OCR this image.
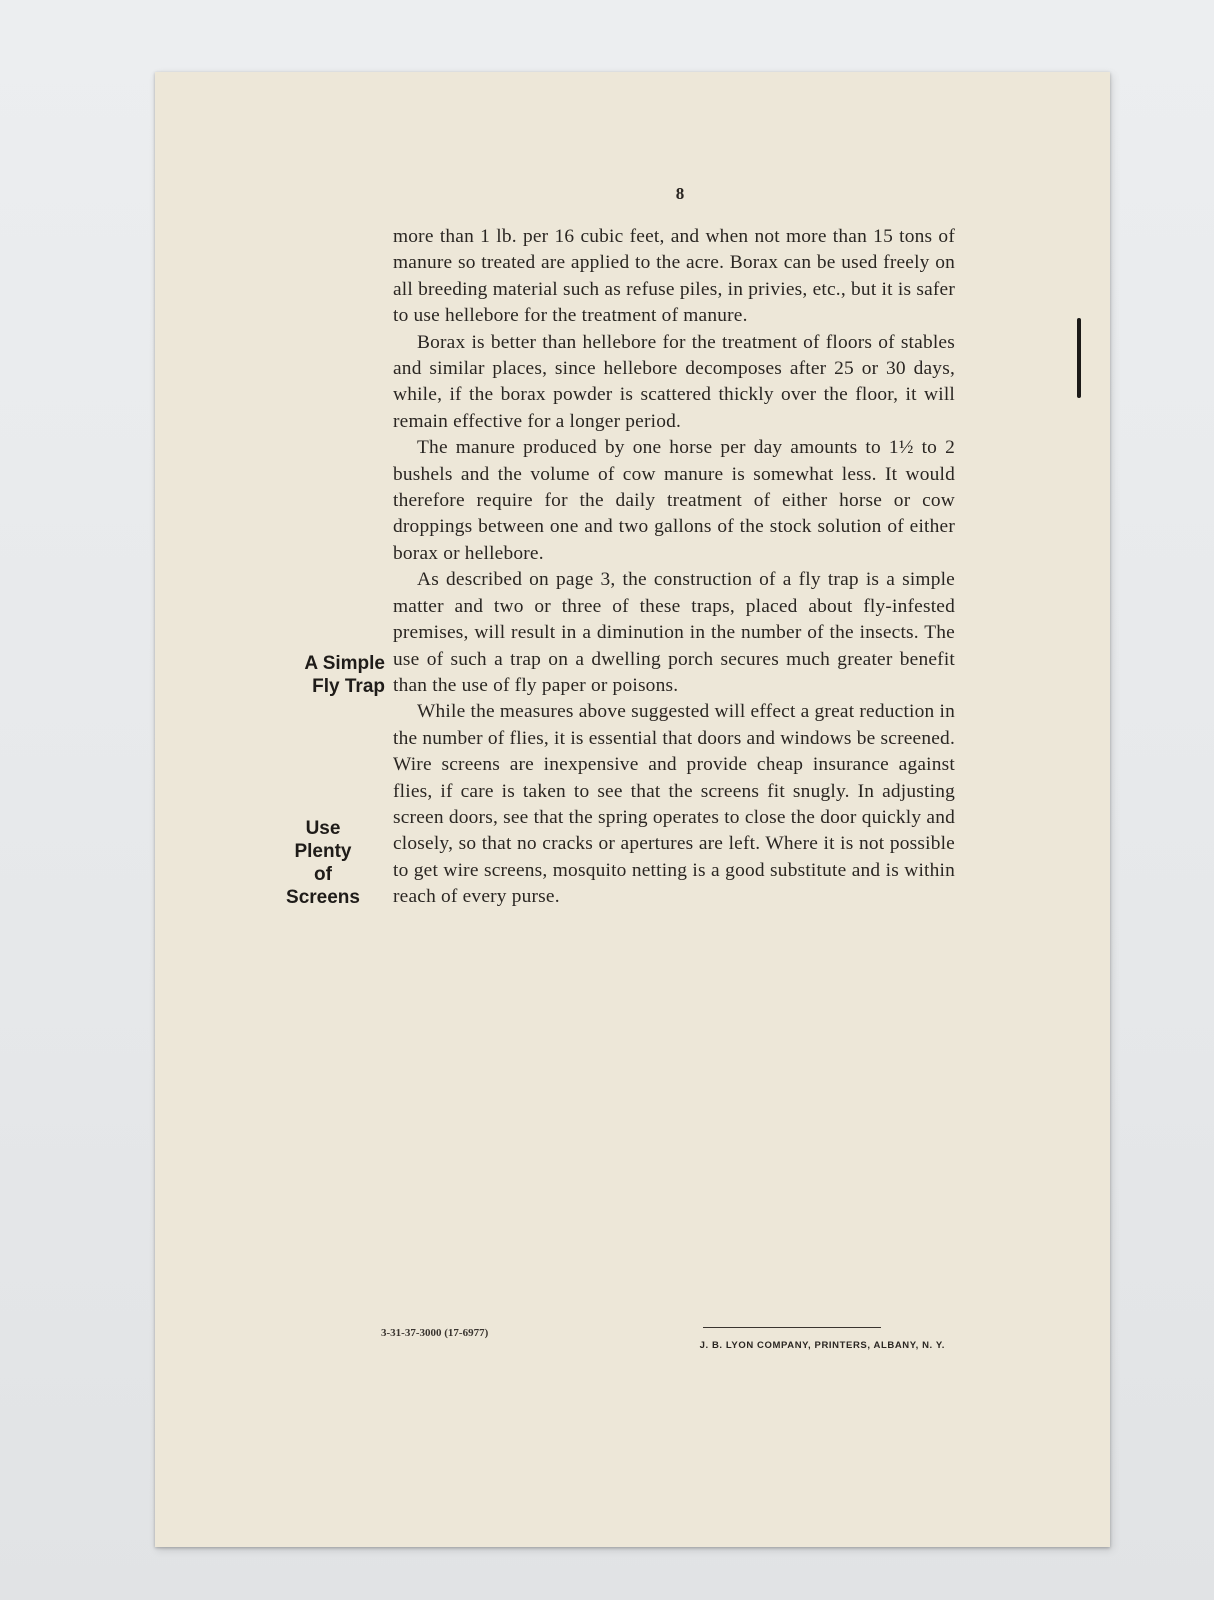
8

more than 1 lb. per 16 cubic feet, and when not more than 15 tons of manure so treated are applied to the acre. Borax can be used freely on all breeding material such as refuse piles, in privies, etc., but it is safer to use hellebore for the treatment of manure.

Borax is better than hellebore for the treatment of floors of stables and similar places, since hellebore decomposes after 25 or 30 days, while, if the borax powder is scattered thickly over the floor, it will remain effective for a longer period.

The manure produced by one horse per day amounts to 1½ to 2 bushels and the volume of cow manure is somewhat less. It would therefore require for the daily treatment of either horse or cow droppings between one and two gallons of the stock solution of either borax or hellebore.

As described on page 3, the construction of a fly trap is a simple matter and two or three of these traps, placed about fly-infested premises, will result in a diminution in the number of the insects. The use of such a trap on a dwelling porch secures much greater benefit than the use of fly paper or poisons.

While the measures above suggested will effect a great reduction in the number of flies, it is essential that doors and windows be screened. Wire screens are inexpensive and provide cheap insurance against flies, if care is taken to see that the screens fit snugly. In adjusting screen doors, see that the spring operates to close the door quickly and closely, so that no cracks or apertures are left. Where it is not possible to get wire screens, mosquito netting is a good substitute and is within reach of every purse.

A Simple
Fly Trap
Use
Plenty
of
Screens
3-31-37-3000 (17-6977)
J. B. LYON COMPANY, PRINTERS, ALBANY, N. Y.
